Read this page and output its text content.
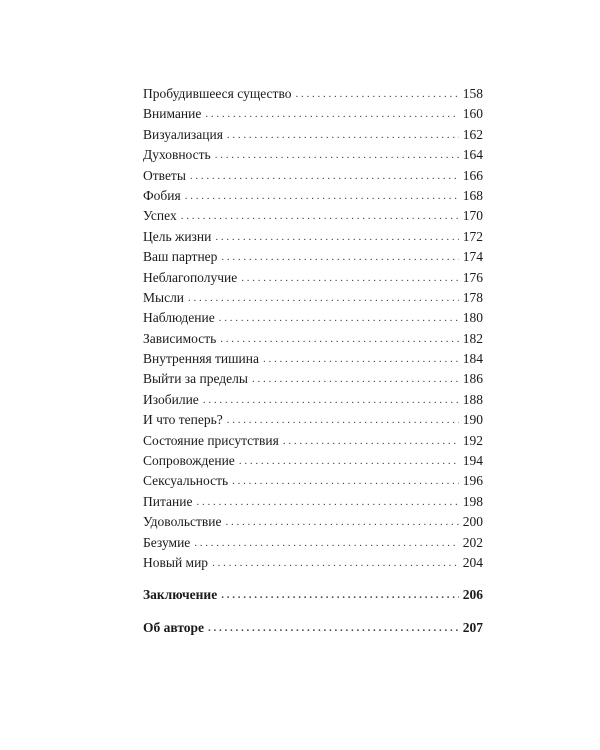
Пробудившееся существо . . .	158
Внимание . . .	160
Визуализация . . .	162
Духовность . . .	164
Ответы . . .	166
Фобия . . .	168
Успех . . .	170
Цель жизни . . .	172
Ваш партнер . . .	174
Неблагополучие . . .	176
Мысли . . .	178
Наблюдение . . .	180
Зависимость . . .	182
Внутренняя тишина . . .	184
Выйти за пределы . . .	186
Изобилие . . .	188
И что теперь? . . .	190
Состояние присутствия . . .	192
Сопровождение . . .	194
Сексуальность . . .	196
Питание . . .	198
Удовольствие . . .	200
Безумие . . .	202
Новый мир . . .	204
Заключение . . .	206
Об авторе . . .	207
